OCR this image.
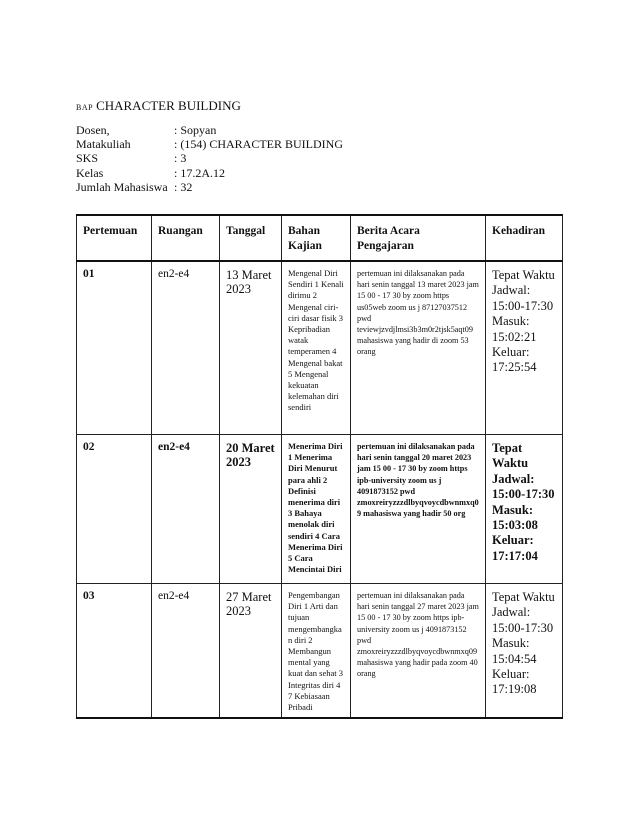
BAP CHARACTER BUILDING
Dosen,	: Sopyan
Matakuliah	: (154) CHARACTER BUILDING
SKS	: 3
Kelas	: 17.2A.12
Jumlah Mahasiswa : 32
Pertemuan	Ruangan	Tanggal	Bahan Kajian	Berita Acara Pengajaran	Kehadiran
01	en2-e4	13 Maret 2023	Mengenal Diri Sendiri 1 Kenali dirimu 2 Mengenal ciri-ciri dasar fisik 3 Kepribadian watak temperamen 4 Mengenal bakat 5 Mengenal kekuatan kelemahan diri sendiri	pertemuan ini dilaksanakan pada hari senin tanggal 13 maret 2023 jam 15 00 - 17 30 by zoom https us05web zoom us j 87127037512 pwd teviewjzvdjlmsi3b3m0r2tjsk5aqt09 mahasiswa yang hadir di zoom 53 orang	Tepat Waktu Jadwal: 15:00-17:30 Masuk: 15:02:21 Keluar: 17:25:54
02	en2-e4	20 Maret 2023	Menerima Diri 1 Menerima Diri Menurut para ahli 2 Definisi menerima diri 3 Bahaya menolak diri sendiri 4 Cara Menerima Diri 5 Cara Mencintai Diri	pertemuan ini dilaksanakan pada hari senin tanggal 20 maret 2023 jam 15 00 - 17 30 by zoom https ipb-university zoom us j 4091873152 pwd zmoxreiryzzzdlbyqvoycdbwnmxq09 mahasiswa yang hadir 50 org	Tepat Waktu Jadwal: 15:00-17:30 Masuk: 15:03:08 Keluar: 17:17:04
03	en2-e4	27 Maret 2023	Pengembangan Diri 1 Arti dan tujuan mengembangkan diri 2 Membangun mental yang kuat dan sehat 3 Integritas diri 4 7 Kebiasaan Pribadi	pertemuan ini dilaksanakan pada hari senin tanggal 27 maret 2023 jam 15 00 - 17 30 by zoom https ipb-university zoom us j 4091873152 pwd zmoxreiryzzzdlbyqvoycdbwnmxq09 mahasiswa yang hadir pada zoom 40 orang	Tepat Waktu Jadwal: 15:00-17:30 Masuk: 15:04:54 Keluar: 17:19:08
